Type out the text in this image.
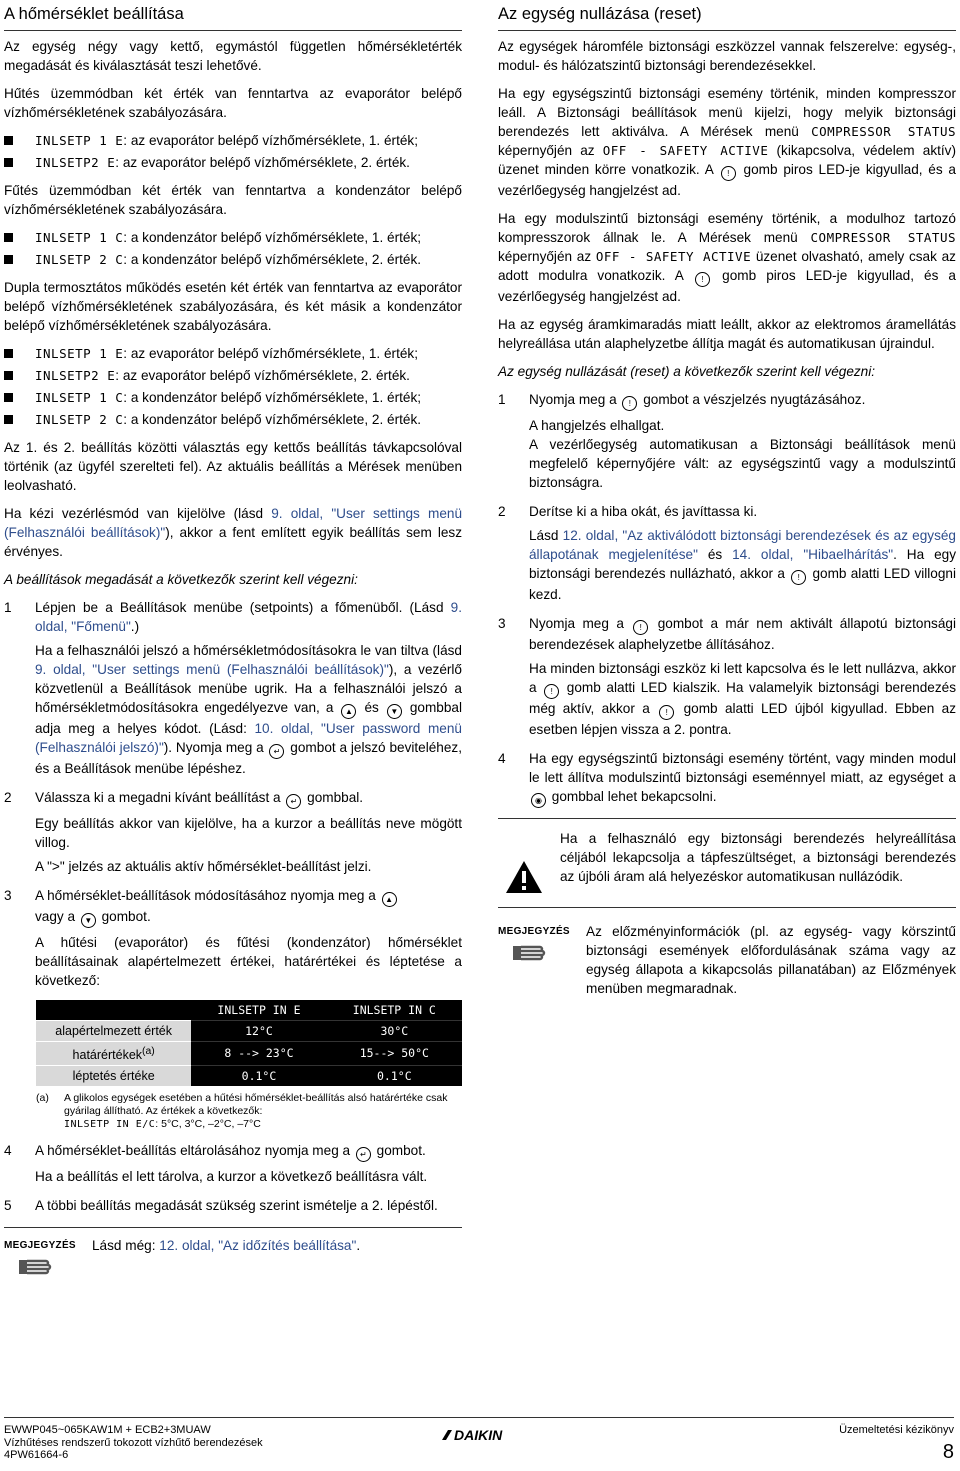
A hőmérséklet beállítása

Az egység négy vagy kettő, egymástól független hőmérsékletérték megadását és kiválasztását teszi lehetővé.

Hűtés üzemmódban két érték van fenntartva az evaporátor belépő vízhőmérsékletének szabályozására.

INLSETP 1 E: az evaporátor belépő vízhőmérséklete, 1. érték;
INLSETP2 E: az evaporátor belépő vízhőmérséklete, 2. érték.

Fűtés üzemmódban két érték van fenntartva a kondenzátor belépő vízhőmérsékletének szabályozására.

INLSETP 1 C: a kondenzátor belépő vízhőmérséklete, 1. érték;
INLSETP 2 C: a kondenzátor belépő vízhőmérséklete, 2. érték.

Dupla termosztátos működés esetén két érték van fenntartva az evaporátor belépő vízhőmérsékletének szabályozására, és két másik a kondenzátor belépő vízhőmérsékletének szabályozására.

INLSETP 1 E: az evaporátor belépő vízhőmérséklete, 1. érték;
INLSETP2 E: az evaporátor belépő vízhőmérséklete, 2. érték.
INLSETP 1 C: a kondenzátor belépő vízhőmérséklete, 1. érték;
INLSETP 2 C: a kondenzátor belépő vízhőmérséklete, 2. érték.

Az 1. és 2. beállítás közötti választás egy kettős beállítás távkapcsolóval történik (az ügyfél szerelteti fel). Az aktuális beállítás a Mérések menüben leolvasható.

Ha kézi vezérlésmód van kijelölve (lásd 9. oldal, "User settings menü (Felhasználói beállítások)"), akkor a fent említett egyik beállítás sem lesz érvényes.

A beállítások megadását a következők szerint kell végezni:

1 Lépjen be a Beállítások menübe (setpoints) a főmenüből. (Lásd 9. oldal, "Főmenü".)

Ha a felhasználói jelszó a hőmérsékletmódosításokra le van tiltva (lásd 9. oldal, "User settings menü (Felhasználói beállítások)"), a vezérlő közvetlenül a Beállítások menübe ugrik. Ha a felhasználói jelszó a hőmérsékletmódosításokra engedélyezve van, a ▲ és ▼ gombbal adja meg a helyes kódot. (Lásd: 10. oldal, "User password menü (Felhasználói jelszó)"). Nyomja meg a ↵ gombot a jelszó beviteléhez, és a Beállítások menübe lépéshez.

2 Válassza ki a megadni kívánt beállítást a ↵ gombbal.

Egy beállítás akkor van kijelölve, ha a kurzor a beállítás neve mögött villog.

A ">" jelzés az aktuális aktív hőmérséklet-beállítást jelzi.

3 A hőmérséklet-beállítások módosításához nyomja meg a ▲
vagy a ▼ gombot.

A hűtési (evaporátor) és fűtési (kondenzátor) hőmérséklet beállításainak alapértelmezett értékei, határértékei és léptetése a következő:

	INLSETP IN E	INLSETP IN C
alapértelmezett érték	12°C	30°C
határértékek$^{(a)}$	8 --> 23°C	15--> 50°C
léptetés értéke	0.1°C	0.1°C
(a) A glikolos egységek esetében a hűtési hőmérséklet-beállítás alsó határértéke csak gyárilag állítható. Az értékek a következők:
INLSETP IN E/C: 5°C, 3°C, –2°C, –7°C
4 A hőmérséklet-beállítás eltárolásához nyomja meg a ↵ gombot.

Ha a beállítás el lett tárolva, a kurzor a következő beállításra vált.

5 A többi beállítás megadását szükség szerint ismételje a 2. lépéstől.

MEGJEGYZÉS Lásd még: 12. oldal, "Az időzítés beállítása".

Az egység nullázása (reset)

Az egységek háromféle biztonsági eszközzel vannak felszerelve: egység-, modul- és hálózatszintű biztonsági berendezésekkel.

Ha egy egységszintű biztonsági esemény történik, minden kompresszor leáll. A Biztonsági beállítások menü kijelzi, hogy melyik biztonsági berendezés lett aktiválva. A Mérések menü COMPRESSOR STATUS képernyőjén az OFF - SAFETY ACTIVE (kikapcsolva, védelem aktív) üzenet minden körre vonatkozik. A ! gomb piros LED-je kigyullad, és a vezérlőegység hangjelzést ad.

Ha egy modulszintű biztonsági esemény történik, a modulhoz tartozó kompresszorok állnak le. A Mérések menü COMPRESSOR STATUS képernyőjén az OFF - SAFETY ACTIVE üzenet olvasható, amely csak az adott modulra vonatkozik. A ! gomb piros LED-je kigyullad, és a vezérlőegység hangjelzést ad.

Ha az egység áramkimaradás miatt leállt, akkor az elektromos áramellátás helyreállása után alaphelyzetbe állítja magát és automatikusan újraindul.

Az egység nullázását (reset) a következők szerint kell végezni:

1 Nyomja meg a ! gombot a vészjelzés nyugtázásához.

A hangjelzés elhallgat.
A vezérlőegység automatikusan a Biztonsági beállítások menü megfelelő képernyőjére vált: az egységszintű vagy a modulszintű biztonságra.

2 Derítse ki a hiba okát, és javíttassa ki.

Lásd 12. oldal, "Az aktiválódott biztonsági berendezések és az egység állapotának megjelenítése" és 14. oldal, "Hibaelhárítás". Ha egy biztonsági berendezés nullázható, akkor a ! gomb alatti LED villogni kezd.

3 Nyomja meg a ! gombot a már nem aktivált állapotú biztonsági berendezések alaphelyzetbe állításához.

Ha minden biztonsági eszköz ki lett kapcsolva és le lett nullázva, akkor a ! gomb alatti LED kialszik. Ha valamelyik biztonsági berendezés még aktív, akkor a ! gomb alatti LED újból kigyullad. Ebben az esetben lépjen vissza a 2. pontra.

4 Ha egy egységszintű biztonsági esemény történt, vagy minden modul le lett állítva modulszintű biztonsági eseménnyel miatt, az egységet a ◉ gombbal lehet bekapcsolni.

Ha a felhasználó egy biztonsági berendezés helyreállítása céljából lekapcsolja a tápfeszültséget, a biztonsági berendezés az újbóli áram alá helyezéskor automatikusan nullázódik.

MEGJEGYZÉS Az előzményinformációk (pl. az egység- vagy körszintű biztonsági események előfordulásának száma vagy az egység állapota a kikapcsolás pillanatában) az Előzmények menüben megmaradnak.

EWWP045~065KAW1M + ECB2+3MUAW
Vízhűtéses rendszerű tokozott vízhűtő berendezések
4PW61664-6
DAIKIN	Üzemeltetési kézikönyv
8
